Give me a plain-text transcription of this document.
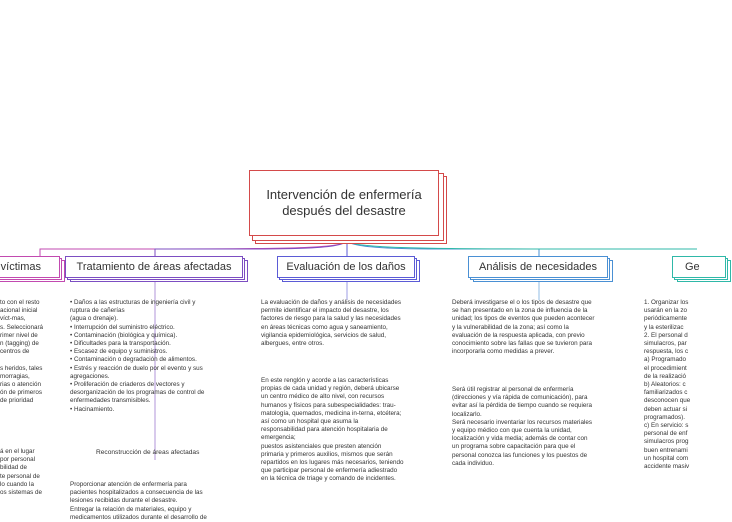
Intervención de enfermería después del desastre
víctimas
to con el resto
acional inicial
víct-mas,
s. Seleccionará
rimer nivel de
n (tagging) de
centros de

s heridos, tales
morragias,
rias o atención
ón de primeros
de prioridad
á en el lugar
por personal
bilidad de
te personal de
lo cuando la
os sistemas de
Tratamiento de áreas afectadas
• Daños a las estructuras de ingeniería civil y
ruptura de cañerías
(agua o drenaje).
• Interrupción del suministro eléctrico.
• Contaminación (biológica y química).
• Dificultades para la transportación.
• Escasez de equipo y suministros.
• Contaminación o degradación de alimentos.
• Estrés y reacción de duelo por el evento y sus
agregaciones.
• Proliferación de criaderos de vectores y
desorganización de los programas de control de
enfermedades transmisibles.
• Hacinamiento.
Reconstrucción de áreas afectadas
Proporcionar atención de enfermería para
pacientes hospitalizados a consecuencia de las
lesiones recibidas durante el desastre.
Entregar la relación de materiales, equipo y
medicamentos utilizados durante el desarrollo de
Evaluación de los daños
La evaluación de daños y análisis de necesidades
permite identificar el impacto del desastre, los
factores de riesgo para la salud y las necesidades
en áreas técnicas como agua y saneamiento,
vigilancia epidemiológica, servicios de salud,
albergues, entre otros.
En este renglón y acorde a las características
propias de cada unidad y región, deberá ubicarse
un centro médico de alto nivel, con recursos
humanos y físicos para subespecialidades: trau-
matología, quemados, medicina in-terna, etcétera;
así como un hospital que asuma la
responsabilidad para atención hospitalaria de
emergencia;
puestos asistenciales que presten atención
primaria y primeros auxilios, mismos que serán
repartidos en los lugares más necesarios, teniendo
que participar personal de enfermería adiestrado
en la técnica de triage y comando de incidentes.
Análisis de necesidades
Deberá investigarse el o los tipos de desastre que
se han presentado en la zona de influencia de la
unidad; los tipos de eventos que pueden acontecer
y la vulnerabilidad de la zona; así como la
evaluación de la respuesta aplicada, con previo
conocimiento sobre las fallas que se tuvieron para
incorporarla como medidas a prever.
Será útil registrar al personal de enfermería
(direcciones y vía rápida de comunicación), para
evitar así la pérdida de tiempo cuando se requiera
localizarlo.
Será necesario inventariar los recursos materiales
y equipo médico con que cuenta la unidad,
localización y vida media; además de contar con
un programa sobre capacitación para que el
personal conozca las funciones y los puestos de
cada individuo.
Ge
1. Organizar los
usarán en la zo
periódicamente
y la esterilizac
2. El personal d
simulacros, par
respuesta, los c
a) Programado
el procedimient
de la realizació
b) Aleatorios: c
familiarizados c
desconocen que
deben actuar si
programados).
c) En servicio: s
personal de enf
simulacros prog
buen entrenami
un hospital com
accidente masiv
